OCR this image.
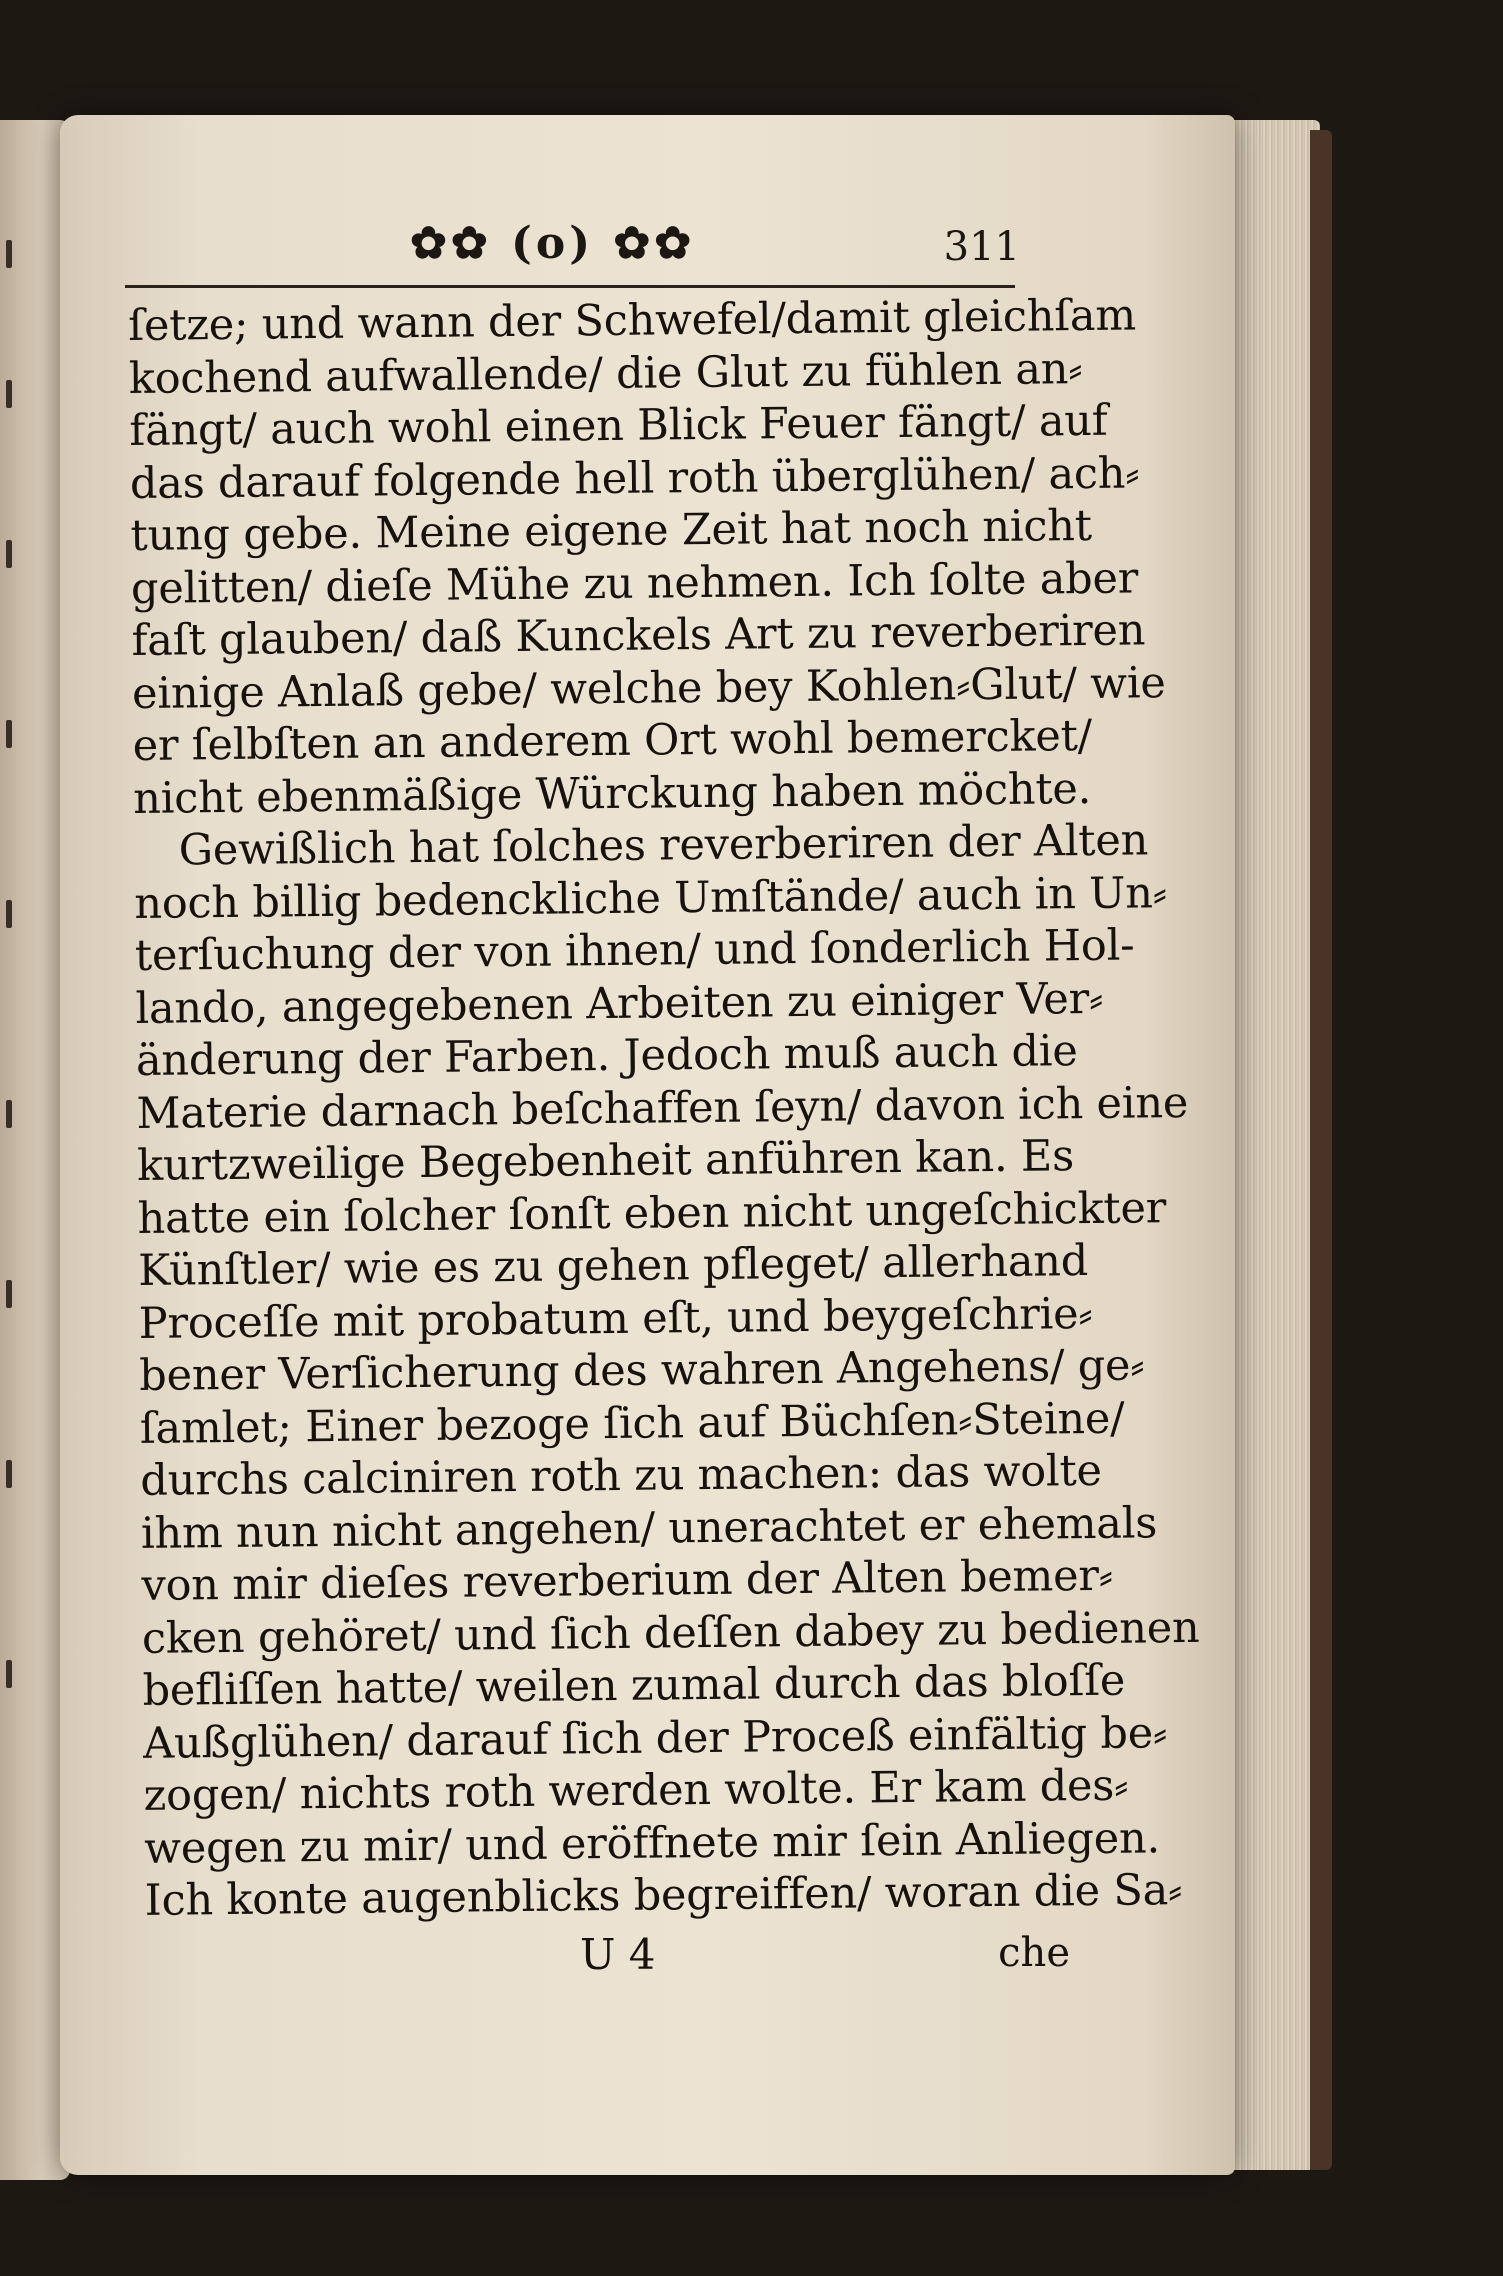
✿✿ (o) ✿✿	311
ſetze; und wann der Schwefel/damit gleichſam
kochend aufwallende/ die Glut zu fühlen an⸗
fängt/ auch wohl einen Blick Feuer fängt/ auf
das darauf folgende hell roth überglühen/ ach⸗
tung gebe. Meine eigene Zeit hat noch nicht
gelitten/ dieſe Mühe zu nehmen. Ich ſolte aber
faſt glauben/ daß Kunckels Art zu reverberiren
einige Anlaß gebe/ welche bey Kohlen⸗Glut/ wie
er ſelbſten an anderem Ort wohl bemercket/
nicht ebenmäßige Würckung haben möchte.
Gewißlich hat ſolches reverberiren der Alten
noch billig bedenckliche Umſtände/ auch in Un⸗
terſuchung der von ihnen/ und ſonderlich Hol-
lando, angegebenen Arbeiten zu einiger Ver⸗
änderung der Farben. Jedoch muß auch die
Materie darnach beſchaffen ſeyn/ davon ich eine
kurtzweilige Begebenheit anführen kan. Es
hatte ein ſolcher ſonſt eben nicht ungeſchickter
Künſtler/ wie es zu gehen pfleget/ allerhand
Proceſſe mit probatum eſt, und beygeſchrie⸗
bener Verſicherung des wahren Angehens/ ge⸗
ſamlet; Einer bezoge ſich auf Büchſen⸗Steine/
durchs calciniren roth zu machen: das wolte
ihm nun nicht angehen/ unerachtet er ehemals
von mir dieſes reverberium der Alten bemer⸗
cken gehöret/ und ſich deſſen dabey zu bedienen
befliſſen hatte/ weilen zumal durch das bloſſe
Außglühen/ darauf ſich der Proceß einfältig be⸗
zogen/ nichts roth werden wolte. Er kam des⸗
wegen zu mir/ und eröffnete mir ſein Anliegen.
Ich konte augenblicks begreiffen/ woran die Sa⸗
U 4	che
